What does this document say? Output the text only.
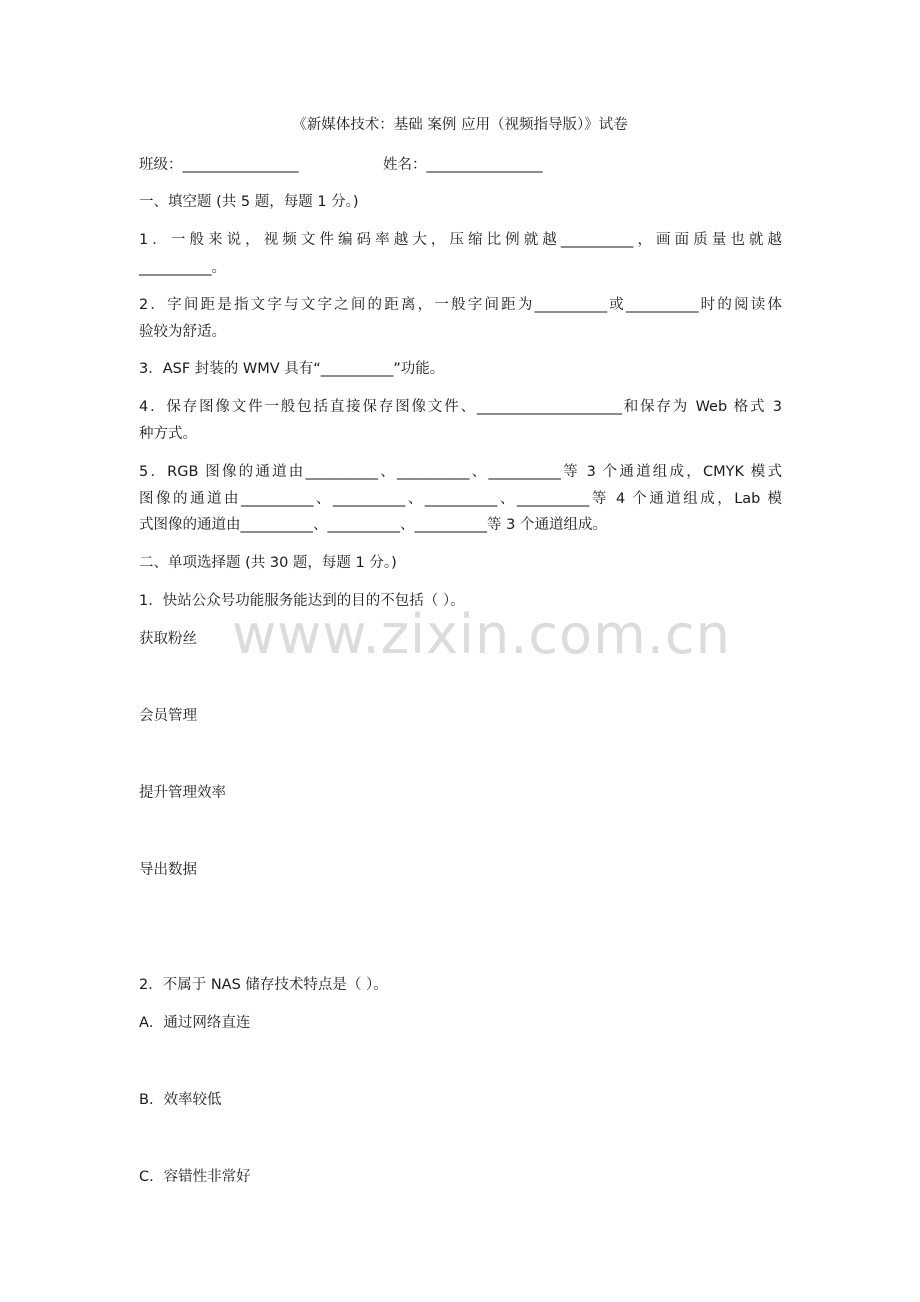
www.zixin.com.cn
《新媒体技术：基础 案例 应用（视频指导版）》试卷
班级：________________	姓名：________________
一、填空题 (共 5 题，每题 1 分。)
1．一般来说，视频文件编码率越大，压缩比例就越__________，画面质量也就越
__________。
2．字间距是指文字与文字之间的距离，一般字间距为__________或__________时的阅读体
验较为舒适。
3．ASF 封装的 WMV 具有“__________”功能。
4．保存图像文件一般包括直接保存图像文件、____________________和保存为 Web 格式 3
种方式。
5．RGB 图像的通道由__________、__________、__________等 3 个通道组成，CMYK 模式
图像的通道由__________、__________、__________、__________等 4 个通道组成，Lab 模
式图像的通道由__________、__________、__________等 3 个通道组成。
二、单项选择题 (共 30 题，每题 1 分。)
1．快站公众号功能服务能达到的目的不包括（ ）。
获取粉丝
会员管理
提升管理效率
导出数据
2．不属于 NAS 储存技术特点是（ ）。
A．通过网络直连
B．效率较低
C．容错性非常好
